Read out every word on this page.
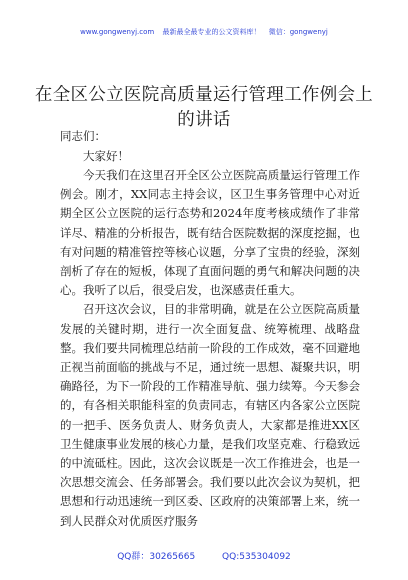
www.gongwenyj.com 最新最全最专业的公文资料库！ 微信：gongwenyj
在全区公立医院高质量运行管理工作例会上的讲话
同志们：
大家好！

今天我们在这里召开全区公立医院高质量运行管理工作例会。刚才，XX同志主持会议，区卫生事务管理中心对近期全区公立医院的运行态势和2024年度考核成绩作了非常详尽、精准的分析报告，既有结合医院数据的深度挖掘，也有对问题的精准管控等核心议题，分享了宝贵的经验，深刻剖析了存在的短板，体现了直面问题的勇气和解决问题的决心。我听了以后，很受启发，也深感责任重大。

召开这次会议，目的非常明确，就是在公立医院高质量发展的关键时期，进行一次全面复盘、统筹梳理、战略盘整。我们要共同梳理总结前一阶段的工作成效，毫不回避地正视当前面临的挑战与不足，通过统一思想、凝聚共识，明确路径，为下一阶段的工作精准导航、强力续筹。今天参会的，有各相关职能科室的负责同志，有辖区内各家公立医院的一把手、医务负责人、财务负责人，大家都是推进XX区卫生健康事业发展的核心力量，是我们攻坚克难、行稳致远的中流砥柱。因此，这次会议既是一次工作推进会，也是一次思想交流会、任务部署会。我们要以此次会议为契机，把思想和行动迅速统一到区委、区政府的决策部署上来，统一到人民群众对优质医疗服务

QQ群：30265665	QQ:535304092
